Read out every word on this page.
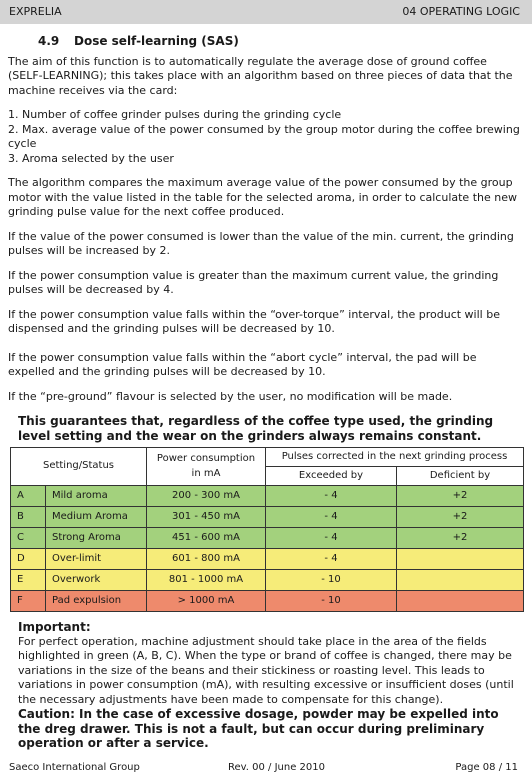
EXPRELIA	04 OPERATING LOGIC
4.9 Dose self-learning (SAS)

The aim of this function is to automatically regulate the average dose of ground coffee (SELF-LEARNING); this takes place with an algorithm based on three pieces of data that the machine receives via the card:

1. Number of coffee grinder pulses during the grinding cycle
2. Max. average value of the power consumed by the group motor during the coffee brewing cycle
3. Aroma selected by the user

The algorithm compares the maximum average value of the power consumed by the group motor with the value listed in the table for the selected aroma, in order to calculate the new grinding pulse value for the next coffee produced.

If the value of the power consumed is lower than the value of the min. current, the grinding pulses will be increased by 2.

If the power consumption value is greater than the maximum current value, the grinding pulses will be decreased by 4.

If the power consumption value falls within the “over-torque” interval, the product will be dispensed and the grinding pulses will be decreased by 10.

If the power consumption value falls within the “abort cycle” interval, the pad will be expelled and the grinding pulses will be decreased by 10.

If the “pre-ground” flavour is selected by the user, no modification will be made.

This guarantees that, regardless of the coffee type used, the grinding level setting and the wear on the grinders always remains constant.
Setting/Status		Power consumption in mA	Pulses corrected in the next grinding process	
			Exceeded by	Deficient by
A	Mild aroma	200 - 300 mA	- 4	+2
B	Medium Aroma	301 - 450 mA	- 4	+2
C	Strong Aroma	451 - 600 mA	- 4	+2
D	Over-limit	601 - 800 mA	- 4	
E	Overwork	801 - 1000 mA	- 10	
F	Pad expulsion	> 1000 mA	- 10	
Important:

For perfect operation, machine adjustment should take place in the area of the fields highlighted in green (A, B, C). When the type or brand of coffee is changed, there may be variations in the size of the beans and their stickiness or roasting level. This leads to variations in power consumption (mA), with resulting excessive or insufficient doses (until the necessary adjustments have been made to compensate for this change).

Caution: In the case of excessive dosage, powder may be expelled into the dreg drawer. This is not a fault, but can occur during preliminary operation or after a service.

Saeco International Group	Rev. 00 / June 2010	Page 08 / 11
